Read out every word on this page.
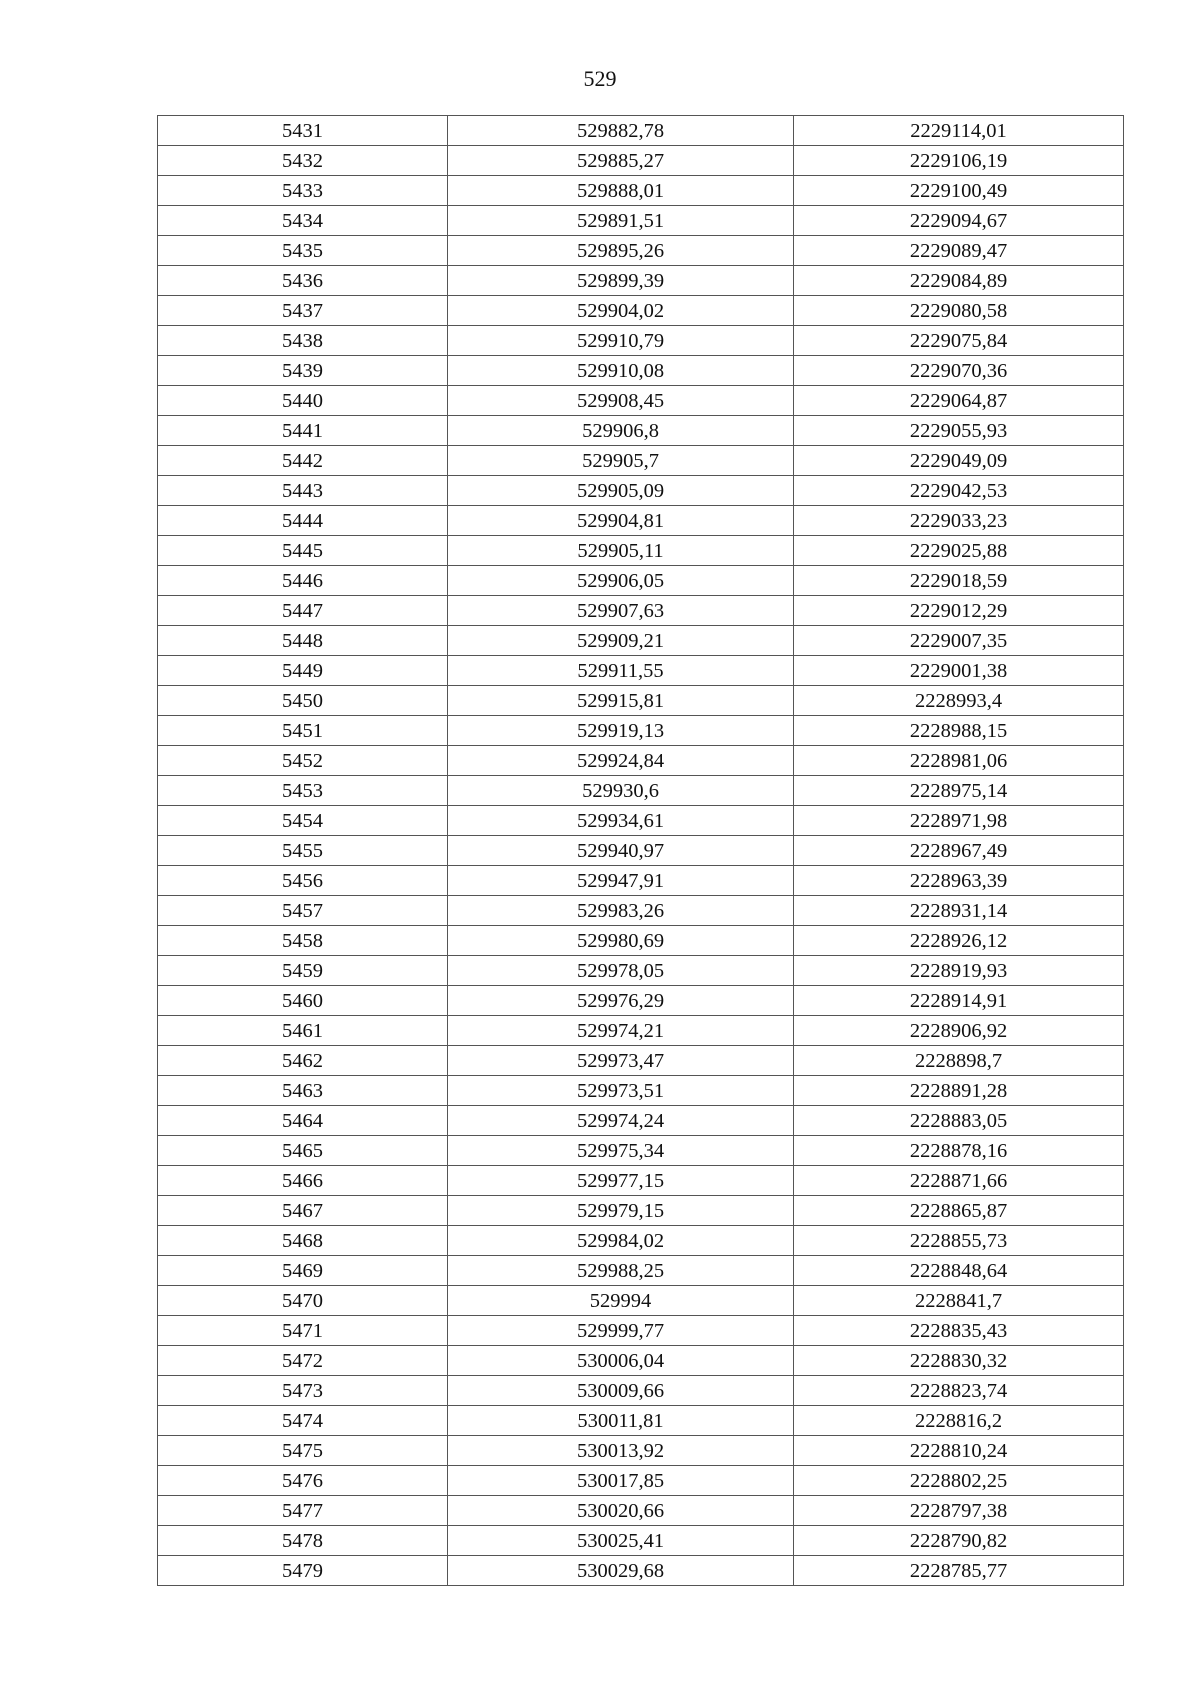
529
5431	529882,78	2229114,01
5432	529885,27	2229106,19
5433	529888,01	2229100,49
5434	529891,51	2229094,67
5435	529895,26	2229089,47
5436	529899,39	2229084,89
5437	529904,02	2229080,58
5438	529910,79	2229075,84
5439	529910,08	2229070,36
5440	529908,45	2229064,87
5441	529906,8	2229055,93
5442	529905,7	2229049,09
5443	529905,09	2229042,53
5444	529904,81	2229033,23
5445	529905,11	2229025,88
5446	529906,05	2229018,59
5447	529907,63	2229012,29
5448	529909,21	2229007,35
5449	529911,55	2229001,38
5450	529915,81	2228993,4
5451	529919,13	2228988,15
5452	529924,84	2228981,06
5453	529930,6	2228975,14
5454	529934,61	2228971,98
5455	529940,97	2228967,49
5456	529947,91	2228963,39
5457	529983,26	2228931,14
5458	529980,69	2228926,12
5459	529978,05	2228919,93
5460	529976,29	2228914,91
5461	529974,21	2228906,92
5462	529973,47	2228898,7
5463	529973,51	2228891,28
5464	529974,24	2228883,05
5465	529975,34	2228878,16
5466	529977,15	2228871,66
5467	529979,15	2228865,87
5468	529984,02	2228855,73
5469	529988,25	2228848,64
5470	529994	2228841,7
5471	529999,77	2228835,43
5472	530006,04	2228830,32
5473	530009,66	2228823,74
5474	530011,81	2228816,2
5475	530013,92	2228810,24
5476	530017,85	2228802,25
5477	530020,66	2228797,38
5478	530025,41	2228790,82
5479	530029,68	2228785,77
